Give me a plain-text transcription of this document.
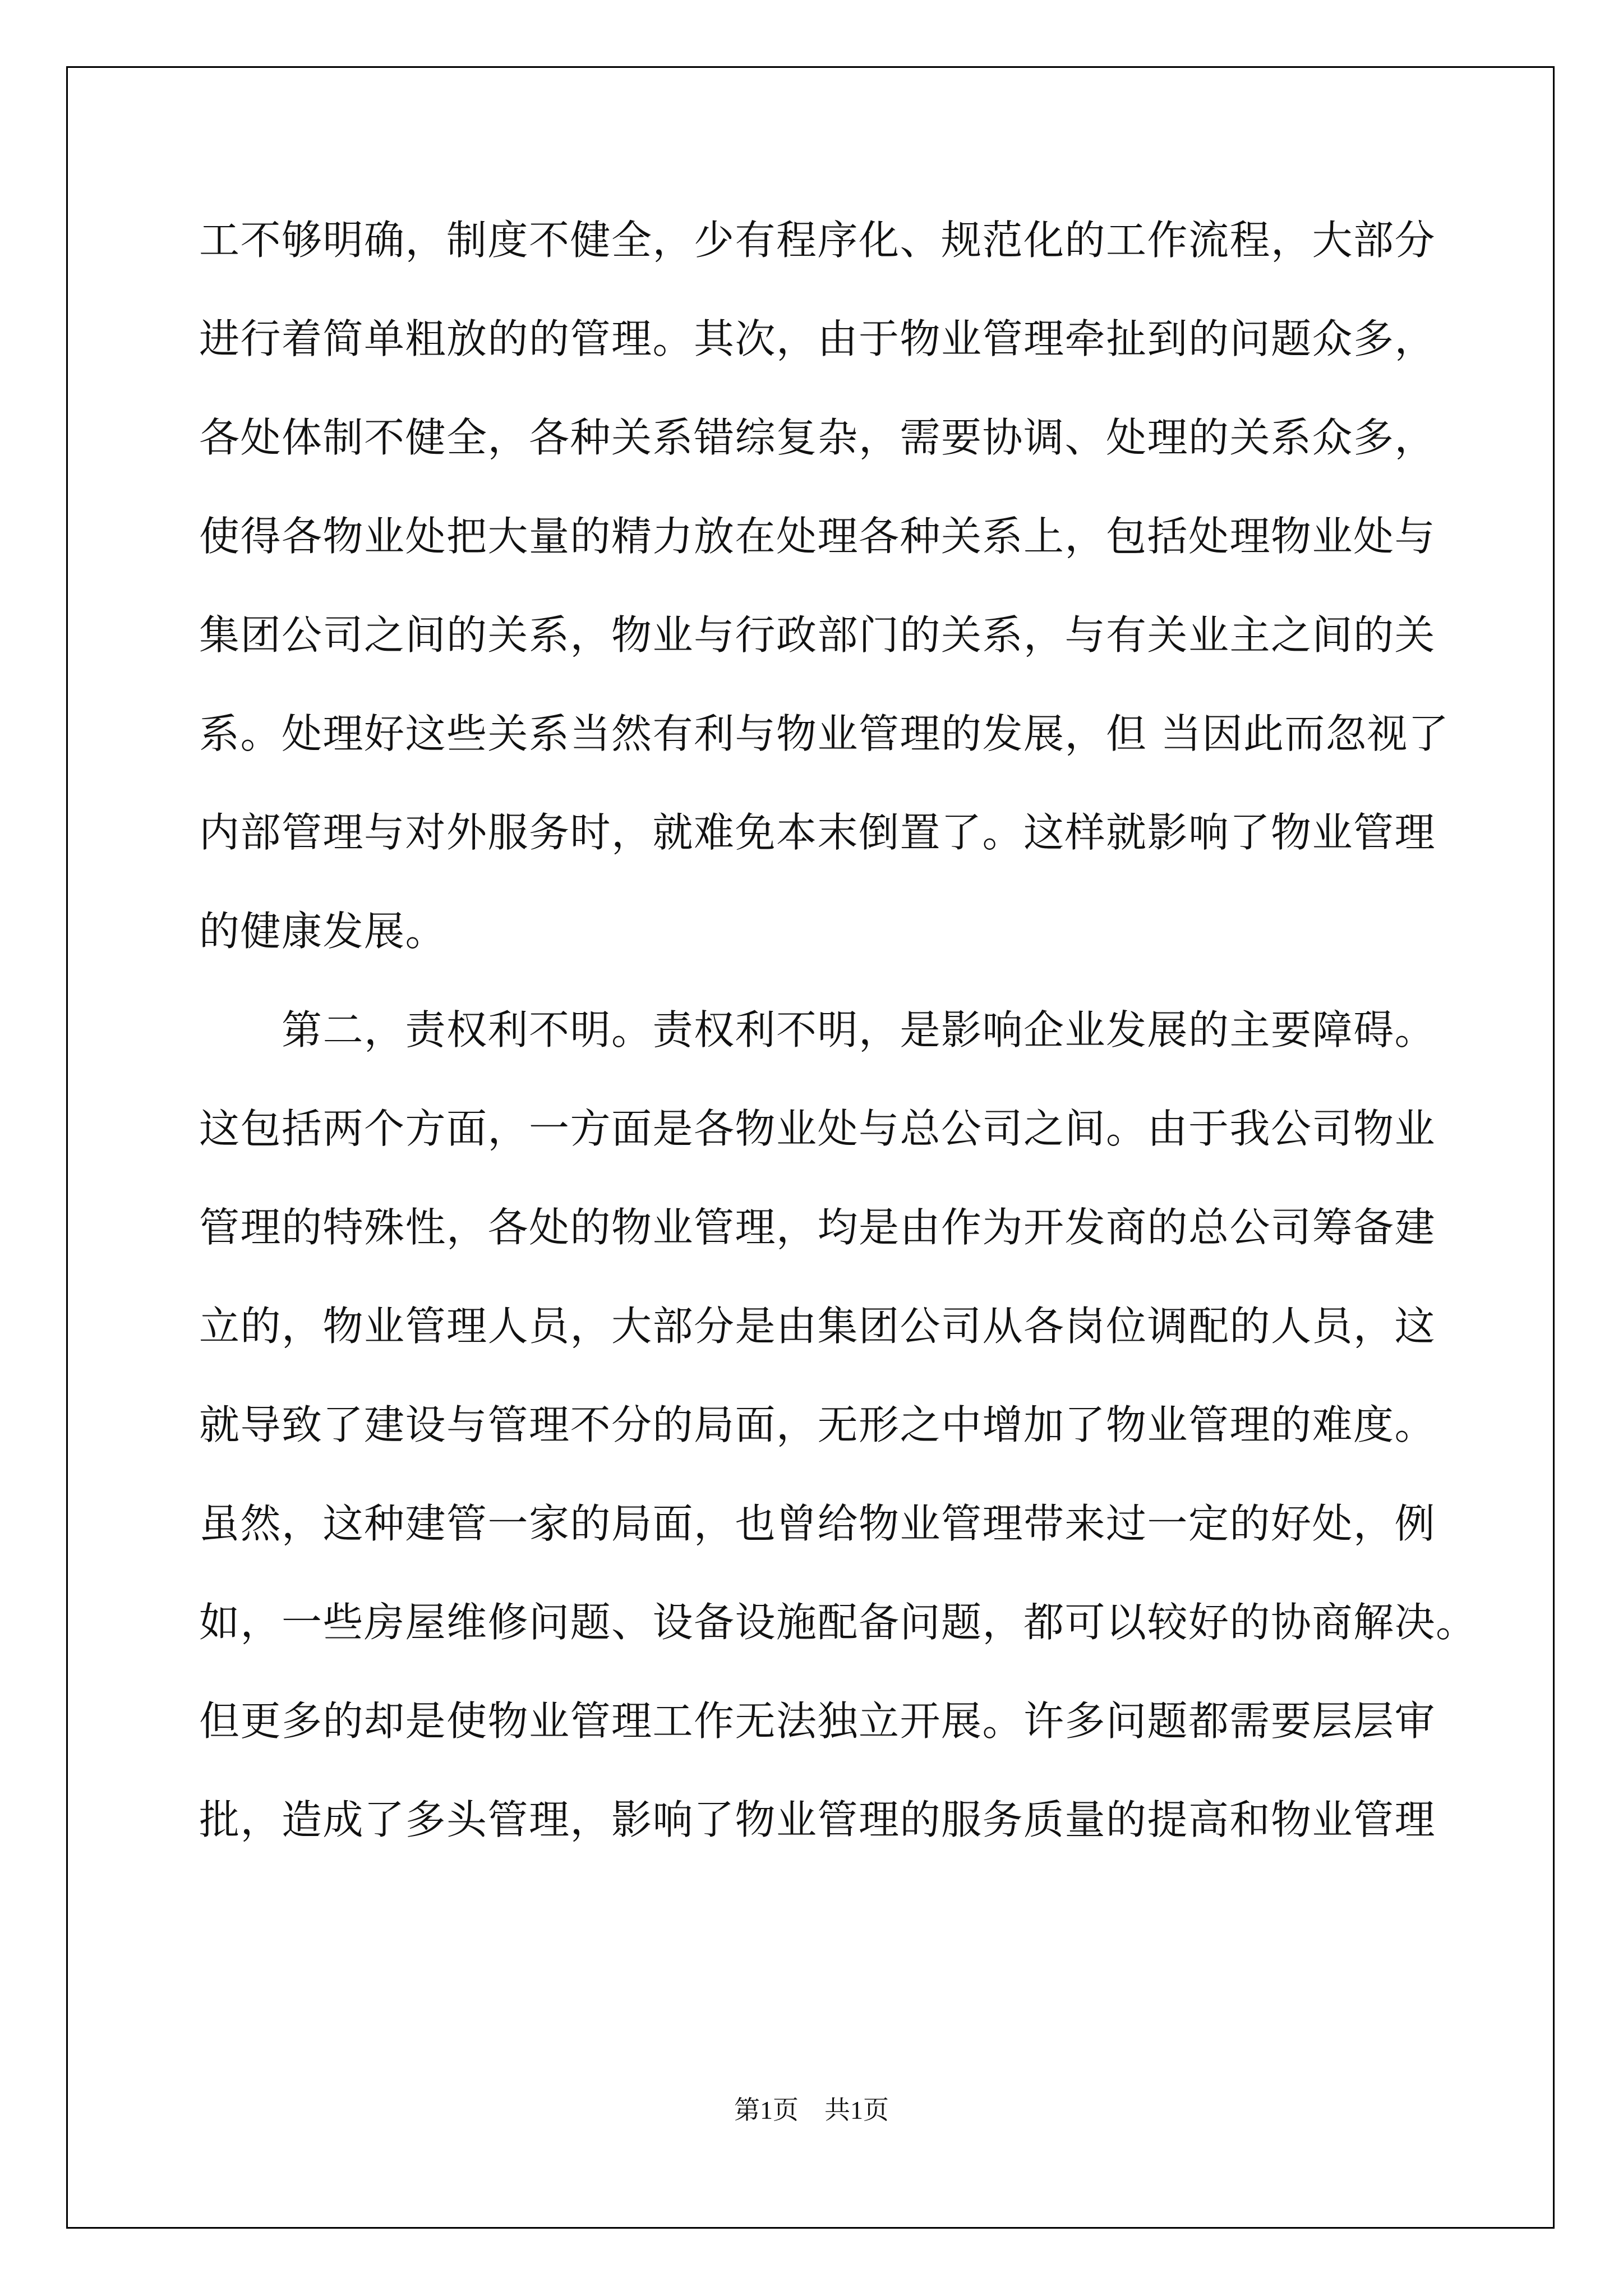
工不够明确，制度不健全，少有程序化、规范化的工作流程，大部分
进行着简单粗放的的管理。其次，由于物业管理牵扯到的问题众多，
各处体制不健全，各种关系错综复杂，需要协调、处理的关系众多，
使得各物业处把大量的精力放在处理各种关系上，包括处理物业处与
集团公司之间的关系，物业与行政部门的关系，与有关业主之间的关
系。处理好这些关系当然有利与物业管理的发展，但 当因此而忽视了
内部管理与对外服务时，就难免本末倒置了。这样就影响了物业管理
的健康发展。
　　第二，责权利不明。责权利不明，是影响企业发展的主要障碍。
这包括两个方面，一方面是各物业处与总公司之间。由于我公司物业
管理的特殊性，各处的物业管理，均是由作为开发商的总公司筹备建
立的，物业管理人员，大部分是由集团公司从各岗位调配的人员，这
就导致了建设与管理不分的局面，无形之中增加了物业管理的难度。
虽然，这种建管一家的局面，也曾给物业管理带来过一定的好处，例
如，一些房屋维修问题、设备设施配备问题，都可以较好的协商解决。
但更多的却是使物业管理工作无法独立开展。许多问题都需要层层审
批，造成了多头管理，影响了物业管理的服务质量的提高和物业管理
第1页　共1页
